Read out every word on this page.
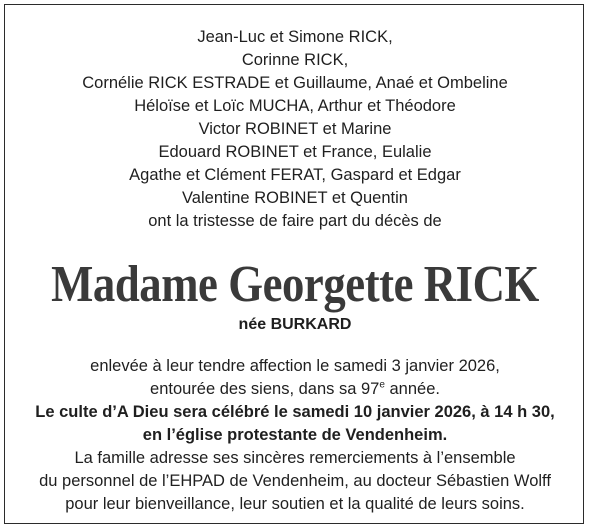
Jean-Luc et Simone RICK,
Corinne RICK,
Cornélie RICK ESTRADE et Guillaume, Anaé et Ombeline
Héloïse et Loïc MUCHA, Arthur et Théodore
Victor ROBINET et Marine
Edouard ROBINET et France, Eulalie
Agathe et Clément FERAT, Gaspard et Edgar
Valentine ROBINET et Quentin
ont la tristesse de faire part du décès de
Madame Georgette RICK
née BURKARD
enlevée à leur tendre affection le samedi 3 janvier 2026,
entourée des siens, dans sa 97e année.
Le culte d’A Dieu sera célébré le samedi 10 janvier 2026, à 14 h 30,
en l’église protestante de Vendenheim.
La famille adresse ses sincères remerciements à l’ensemble
du personnel de l’EHPAD de Vendenheim, au docteur Sébastien Wolff
pour leur bienveillance, leur soutien et la qualité de leurs soins.
